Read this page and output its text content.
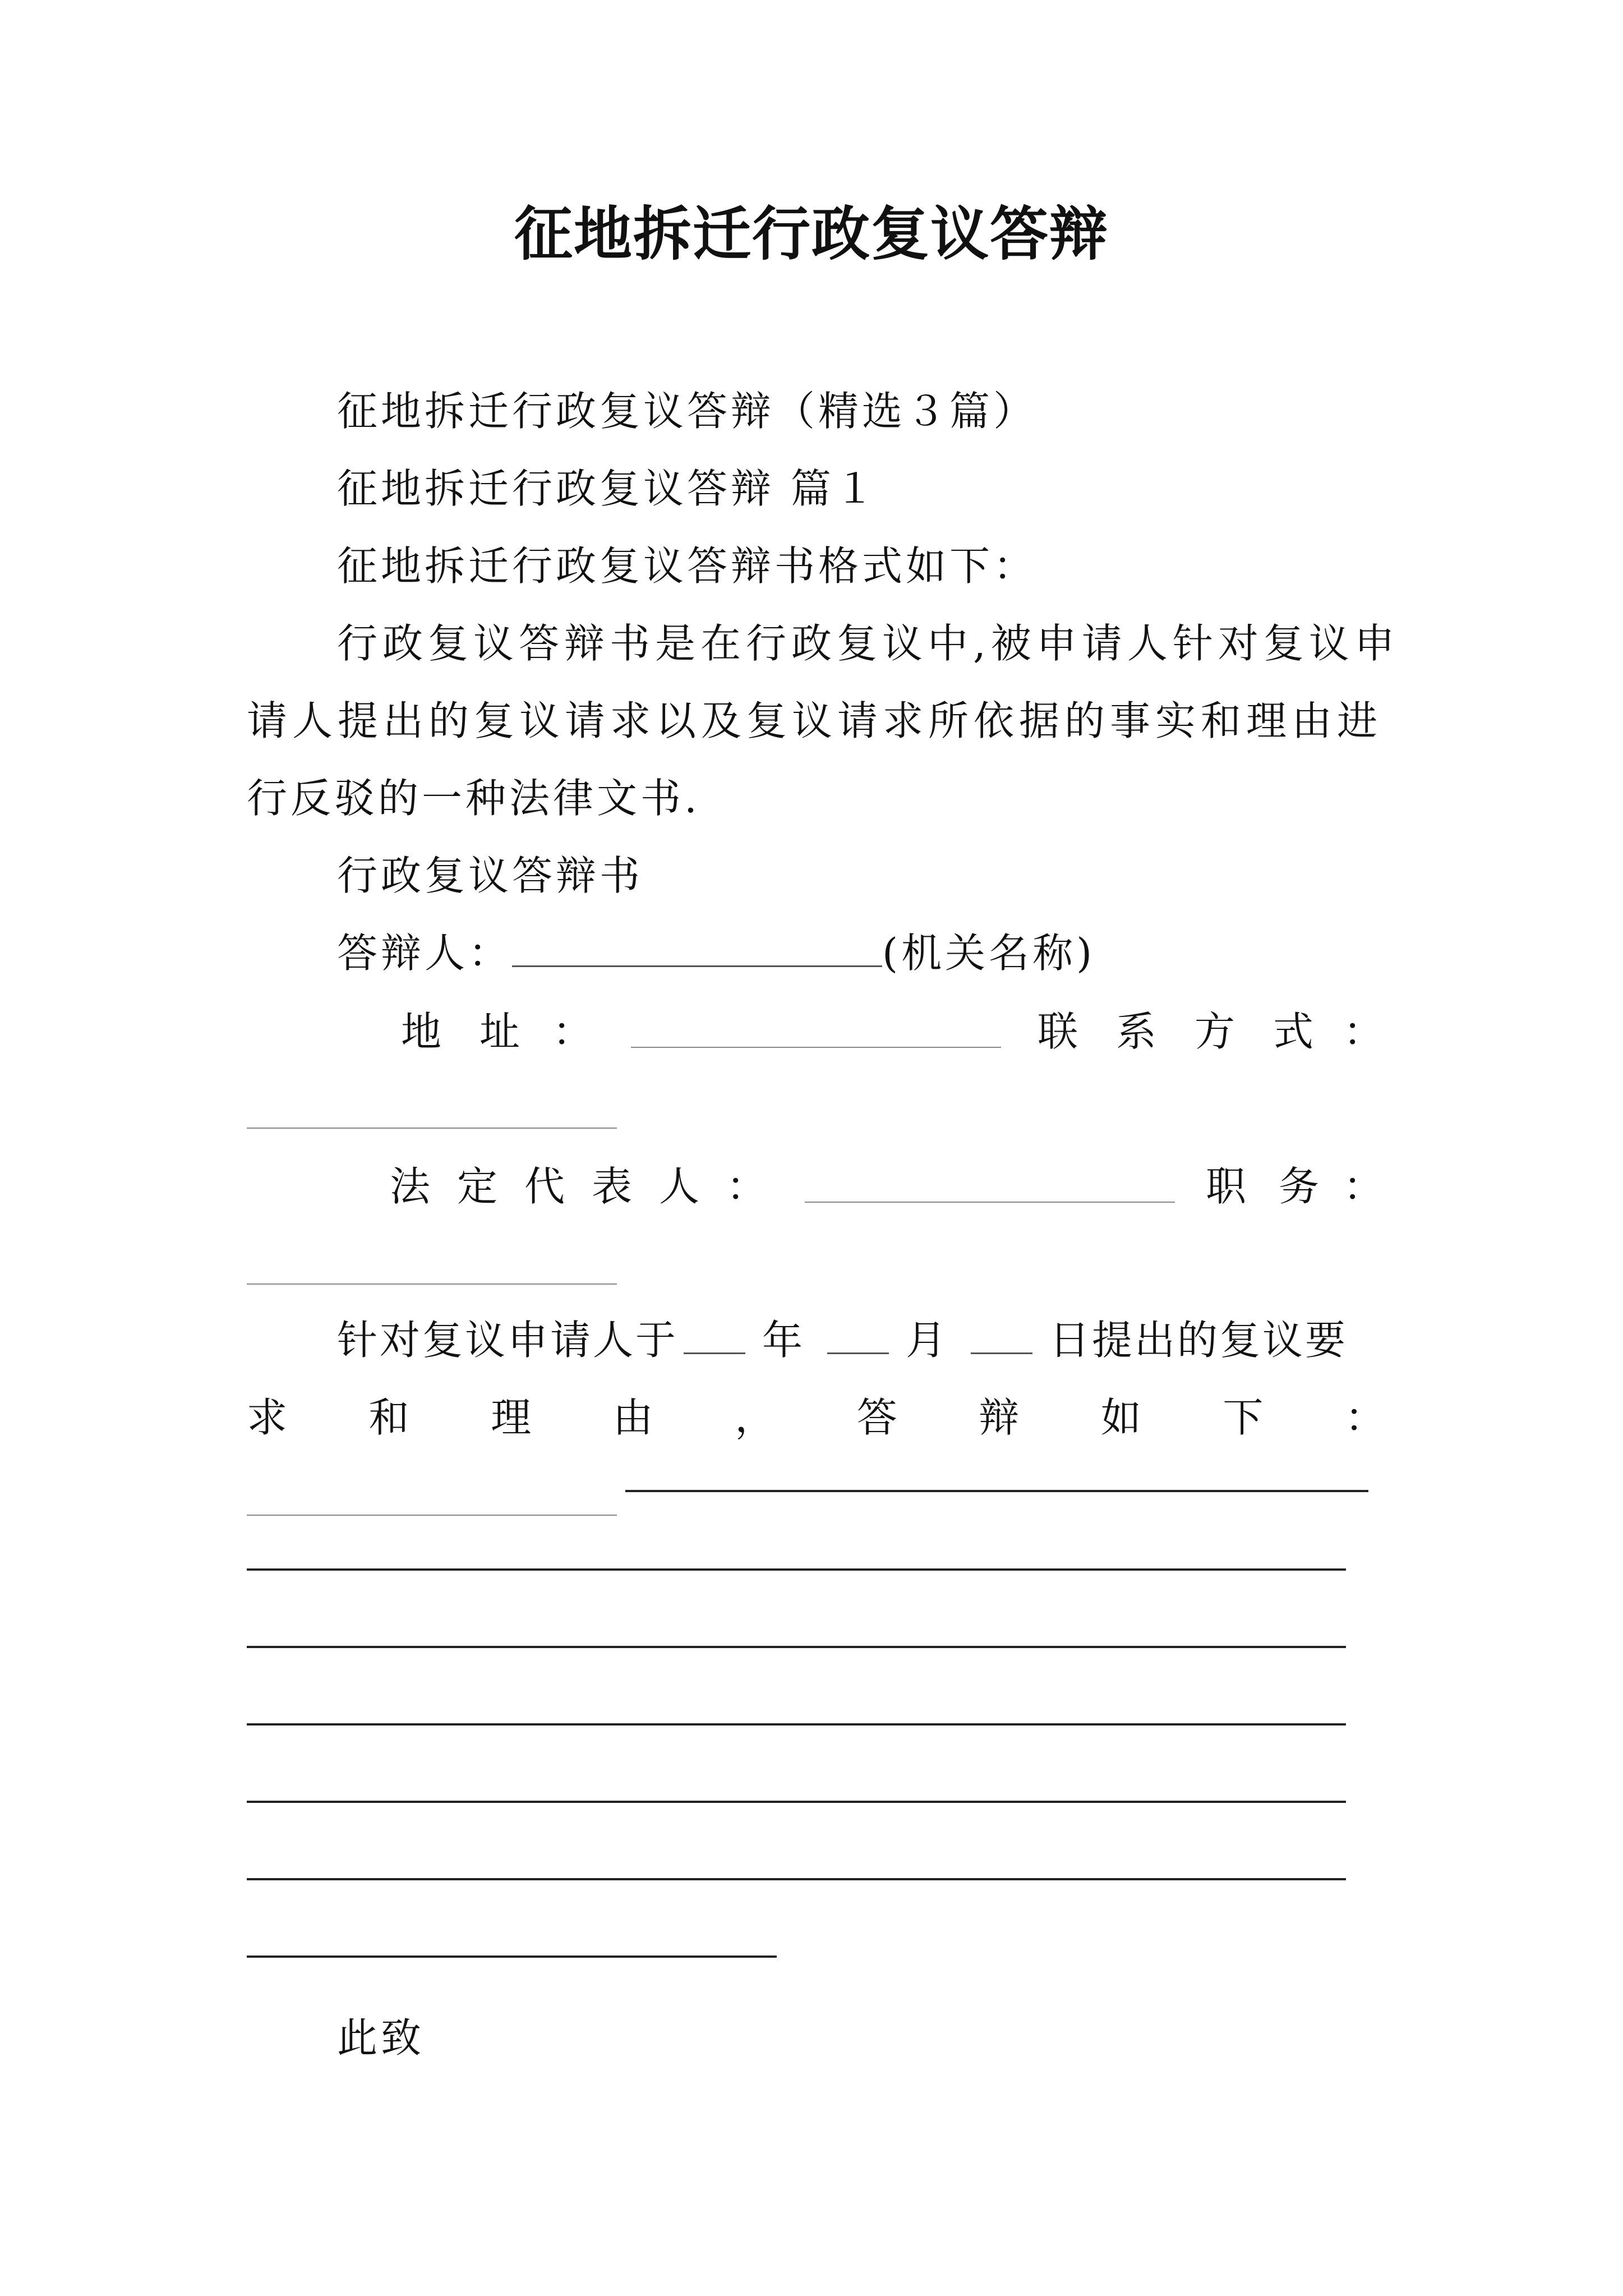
征地拆迁行政复议答辩
征地拆迁行政复议答辩（精选３篇）
征地拆迁行政复议答辩 篇１
征地拆迁行政复议答辩书格式如下：
行政复议答辩书是在行政复议中,被申请人针对复议申
请人提出的复议请求以及复议请求所依据的事实和理由进
行反驳的一种法律文书.
行政复议答辩书
答辩人：	(机关名称)
地 址 ：	联 系 方 式 ：
法 定 代 表 人 ：	职 务 ：
针对复议申请人于 年	月	日提出的复议要
求 和 理 由 ， 答 辩 如 下 ：
此致
